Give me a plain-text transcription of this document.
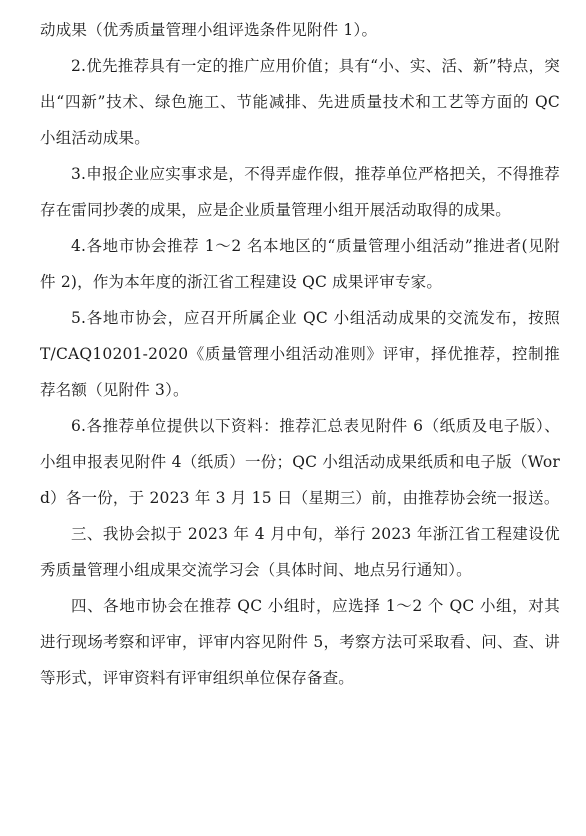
动成果（优秀质量管理小组评选条件见附件 1）。

2.优先推荐具有一定的推广应用价值；具有“小、实、活、新”特点，突出“四新”技术、绿色施工、节能减排、先进质量技术和工艺等方面的 QC 小组活动成果。

3.申报企业应实事求是，不得弄虚作假，推荐单位严格把关，不得推荐存在雷同抄袭的成果，应是企业质量管理小组开展活动取得的成果。

4.各地市协会推荐 1～2 名本地区的“质量管理小组活动”推进者(见附件 2)，作为本年度的浙江省工程建设 QC 成果评审专家。

5.各地市协会，应召开所属企业 QC 小组活动成果的交流发布，按照 T/CAQ10201-2020《质量管理小组活动准则》评审，择优推荐，控制推荐名额（见附件 3）。

6.各推荐单位提供以下资料：推荐汇总表见附件 6（纸质及电子版）、小组申报表见附件 4（纸质）一份；QC 小组活动成果纸质和电子版（Word）各一份，于 2023 年 3 月 15 日（星期三）前，由推荐协会统一报送。

三、我协会拟于 2023 年 4 月中旬，举行 2023 年浙江省工程建设优秀质量管理小组成果交流学习会（具体时间、地点另行通知）。

四、各地市协会在推荐 QC 小组时，应选择 1～2 个 QC 小组，对其进行现场考察和评审，评审内容见附件 5，考察方法可采取看、问、查、讲等形式，评审资料有评审组织单位保存备查。
